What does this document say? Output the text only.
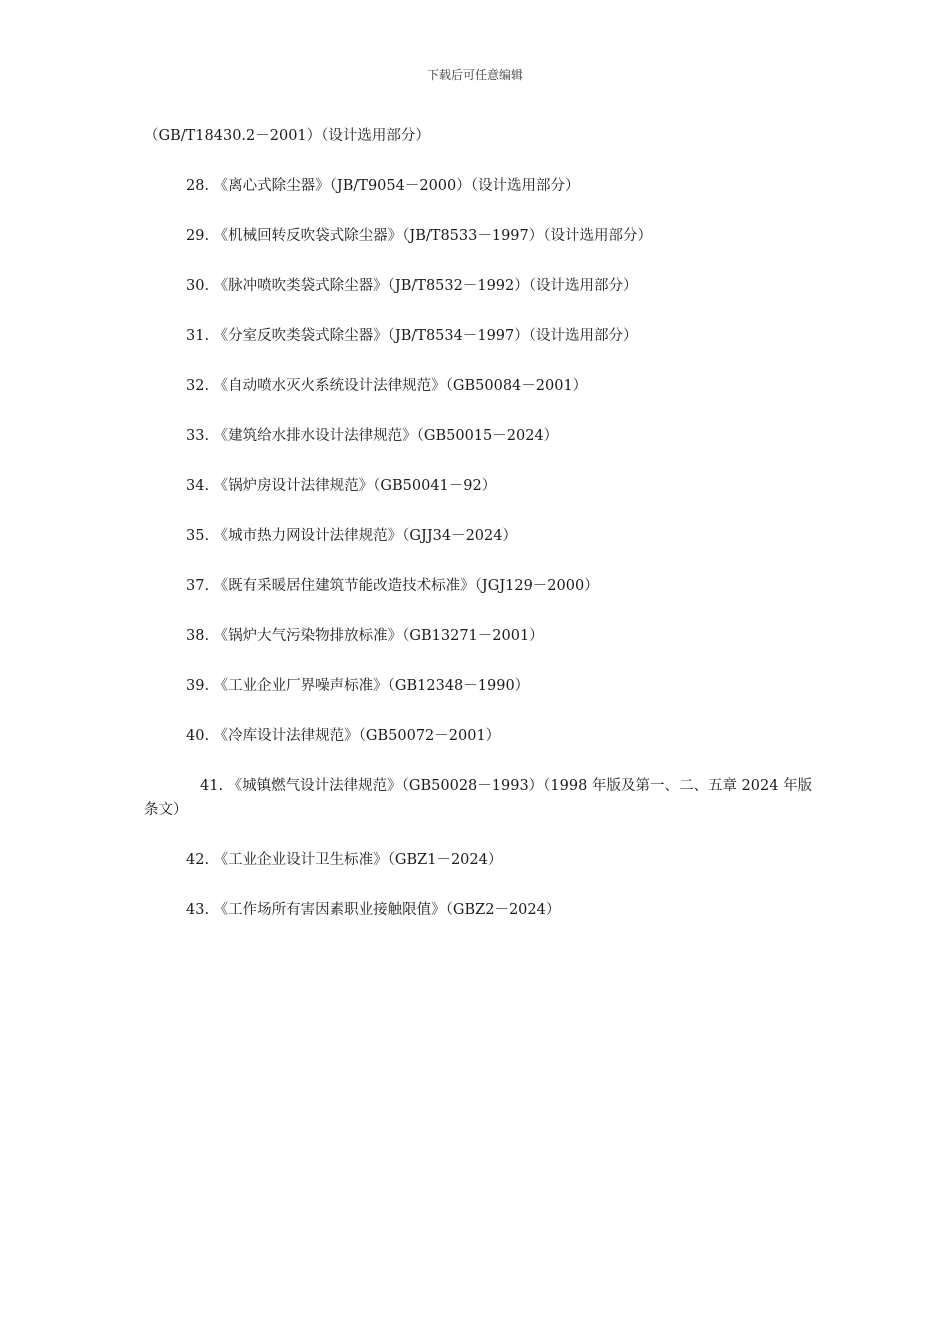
下载后可任意编辑
（GB/T18430.2－2001）（设计选用部分）
28. 《离心式除尘器》（JB/T9054－2000）（设计选用部分）
29. 《机械回转反吹袋式除尘器》（JB/T8533－1997）（设计选用部分）
30. 《脉冲喷吹类袋式除尘器》（JB/T8532－1992）（设计选用部分）
31. 《分室反吹类袋式除尘器》（JB/T8534－1997）（设计选用部分）
32. 《自动喷水灭火系统设计法律规范》（GB50084－2001）
33. 《建筑给水排水设计法律规范》（GB50015－2024）
34. 《锅炉房设计法律规范》（GB50041－92）
35. 《城市热力网设计法律规范》（GJJ34－2024）
37. 《既有采暖居住建筑节能改造技术标准》（JGJ129－2000）
38. 《锅炉大气污染物排放标准》（GB13271－2001）
39. 《工业企业厂界噪声标准》（GB12348－1990）
40. 《冷库设计法律规范》（GB50072－2001）
41. 《城镇燃气设计法律规范》（GB50028－1993）（1998 年版及第一、二、五章 2024 年版条文）
42. 《工业企业设计卫生标准》（GBZ1－2024）
43. 《工作场所有害因素职业接触限值》（GBZ2－2024）
